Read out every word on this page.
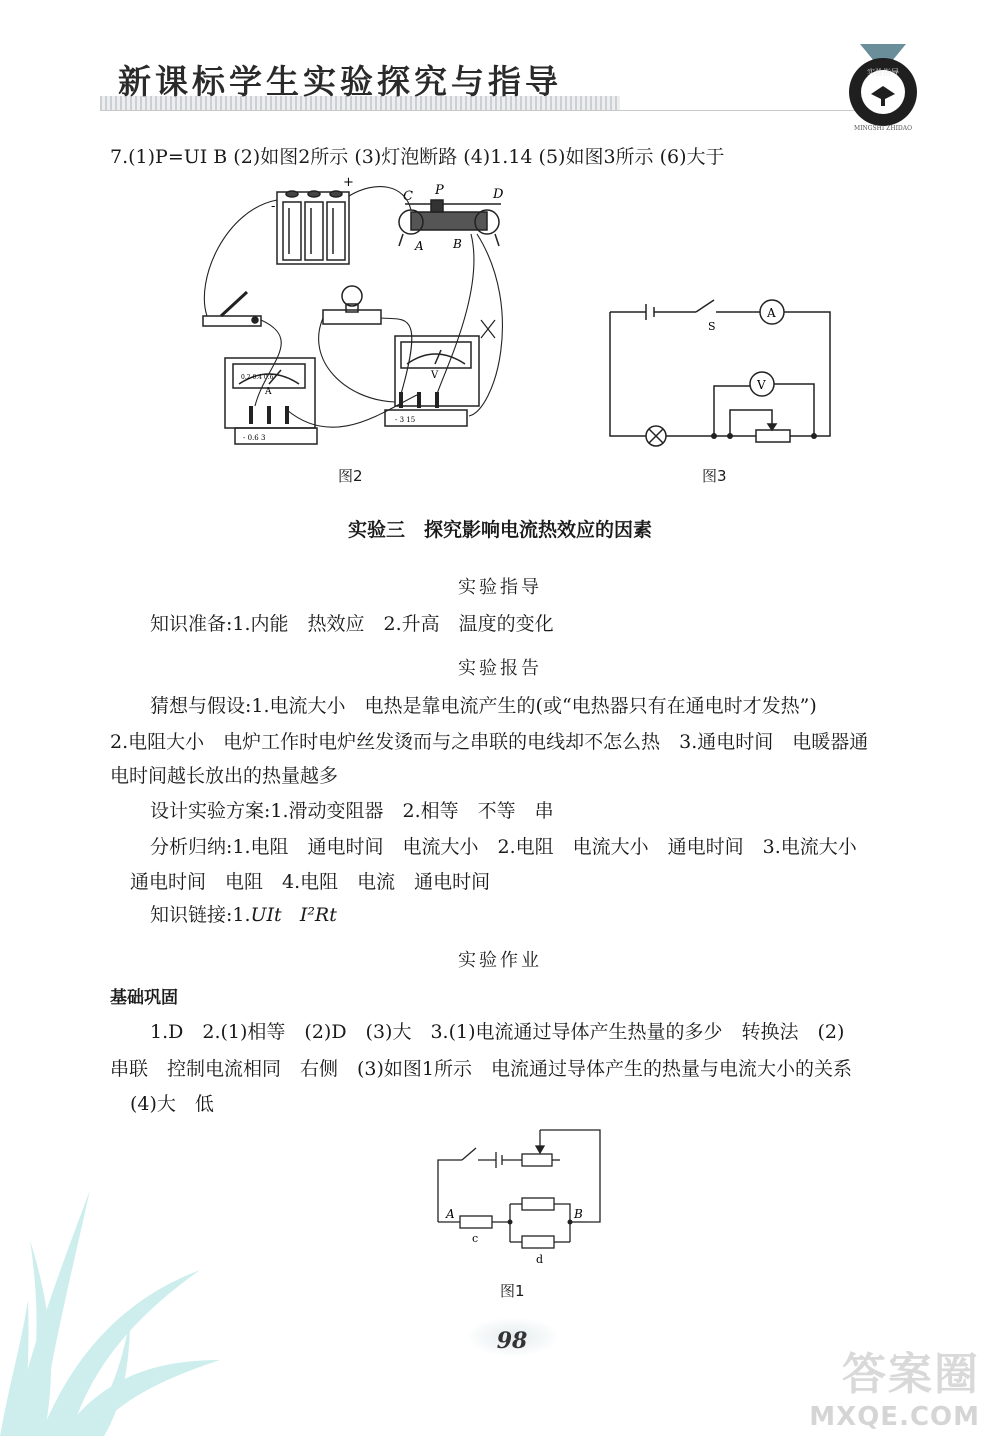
新课标学生实验探究与指导	实验指导
MINGSHI ZHIDAO
7.(1)P=UI B (2)如图2所示 (3)灯泡断路 (4)1.14 (5)如图3所示 (6)大于
+
-
C P	D
A B
0.2 0.4 0.6
A
- 0.6 3
V
- 3 15
图2
S
A
V
图3
实验三　探究影响电流热效应的因素
实验指导
知识准备:1.内能　热效应　2.升高　温度的变化
实验报告
猜想与假设:1.电流大小　电热是靠电流产生的(或“电热器只有在通电时才发热”)
2.电阻大小　电炉工作时电炉丝发烫而与之串联的电线却不怎么热　3.通电时间　电暖器通
电时间越长放出的热量越多
设计实验方案:1.滑动变阻器　2.相等　不等　串
分析归纳:1.电阻　通电时间　电流大小　2.电阻　电流大小　通电时间　3.电流大小
通电时间　电阻　4.电阻　电流　通电时间
知识链接:1.UIt I²Rt
实验作业
基础巩固
1.D　2.(1)相等　(2)D　(3)大　3.(1)电流通过导体产生热量的多少　转换法　(2)
串联　控制电流相同　右侧　(3)如图1所示　电流通过导体产生的热量与电流大小的关系
(4)大　低
A	B
c
d
图1
98
答案圈
MXQE.COM
